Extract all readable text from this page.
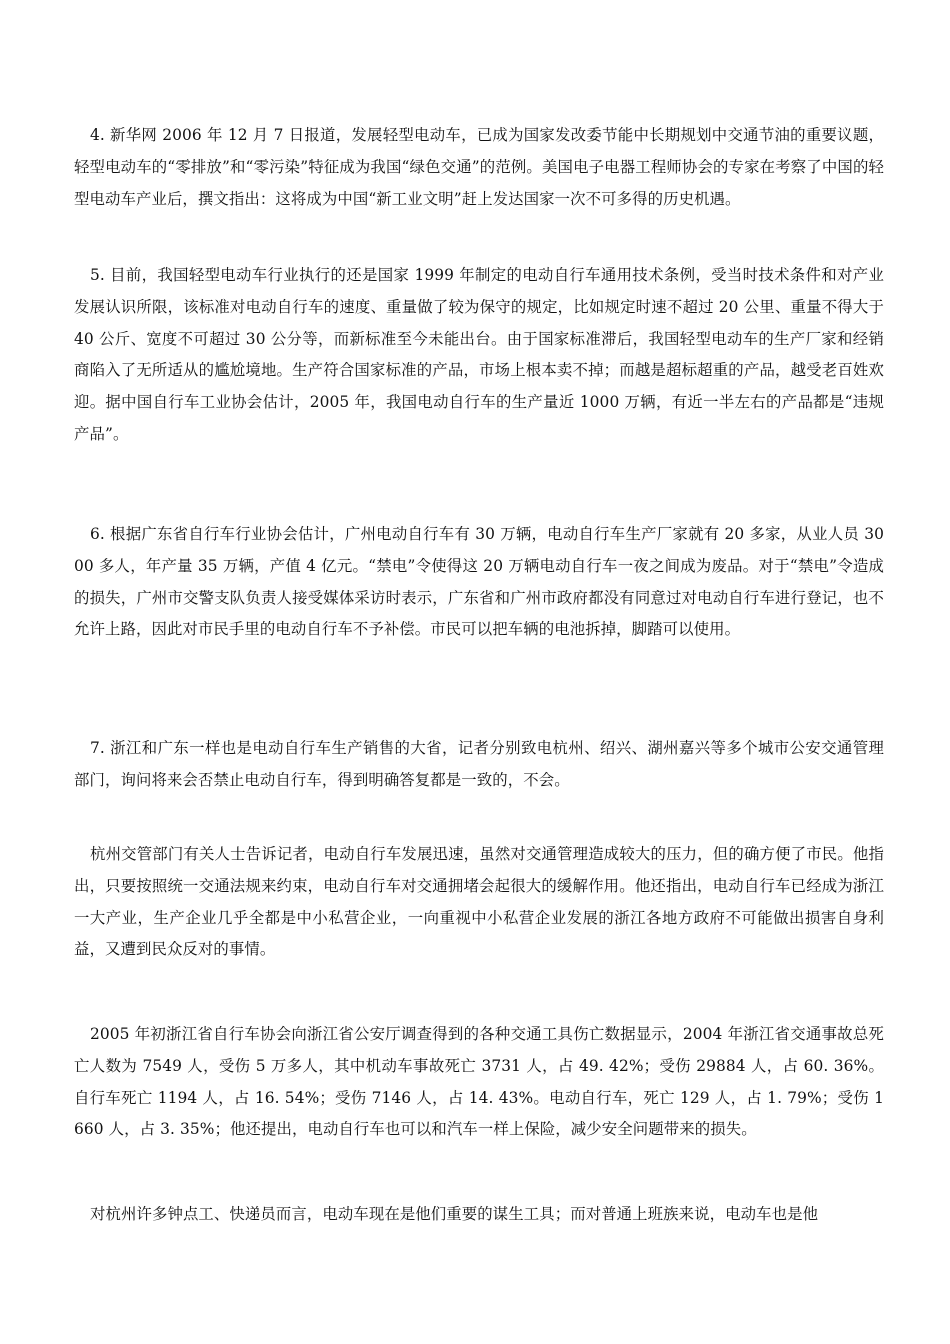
4. 新华网 2006 年 12 月 7 日报道，发展轻型电动车，已成为国家发改委节能中长期规划中交通节油的重要议题，轻型电动车的“零排放”和“零污染”特征成为我国“绿色交通”的范例。美国电子电器工程师协会的专家在考察了中国的轻型电动车产业后，撰文指出：这将成为中国“新工业文明”赶上发达国家一次不可多得的历史机遇。

5. 目前，我国轻型电动车行业执行的还是国家 1999 年制定的电动自行车通用技术条例，受当时技术条件和对产业发展认识所限，该标准对电动自行车的速度、重量做了较为保守的规定，比如规定时速不超过 20 公里、重量不得大于 40 公斤、宽度不可超过 30 公分等，而新标准至今未能出台。由于国家标准滞后，我国轻型电动车的生产厂家和经销商陷入了无所适从的尴尬境地。生产符合国家标准的产品，市场上根本卖不掉；而越是超标超重的产品，越受老百姓欢迎。据中国自行车工业协会估计，2005 年，我国电动自行车的生产量近 1000 万辆，有近一半左右的产品都是“违规产品”。

6. 根据广东省自行车行业协会估计，广州电动自行车有 30 万辆，电动自行车生产厂家就有 20 多家，从业人员 3000 多人，年产量 35 万辆，产值 4 亿元。“禁电”令使得这 20 万辆电动自行车一夜之间成为废品。对于“禁电”令造成的损失，广州市交警支队负责人接受媒体采访时表示，广东省和广州市政府都没有同意过对电动自行车进行登记，也不允许上路，因此对市民手里的电动自行车不予补偿。市民可以把车辆的电池拆掉，脚踏可以使用。

7. 浙江和广东一样也是电动自行车生产销售的大省，记者分别致电杭州、绍兴、湖州嘉兴等多个城市公安交通管理部门，询问将来会否禁止电动自行车，得到明确答复都是一致的，不会。

杭州交管部门有关人士告诉记者，电动自行车发展迅速，虽然对交通管理造成较大的压力，但的确方便了市民。他指出，只要按照统一交通法规来约束，电动自行车对交通拥堵会起很大的缓解作用。他还指出，电动自行车已经成为浙江一大产业，生产企业几乎全都是中小私营企业，一向重视中小私营企业发展的浙江各地方政府不可能做出损害自身利益，又遭到民众反对的事情。

2005 年初浙江省自行车协会向浙江省公安厅调查得到的各种交通工具伤亡数据显示，2004 年浙江省交通事故总死亡人数为 7549 人，受伤 5 万多人，其中机动车事故死亡 3731 人，占 49. 42%；受伤 29884 人，占 60. 36%。自行车死亡 1194 人，占 16. 54%；受伤 7146 人，占 14. 43%。电动自行车，死亡 129 人，占 1. 79%；受伤 1660 人，占 3. 35%；他还提出，电动自行车也可以和汽车一样上保险，减少安全问题带来的损失。

对杭州许多钟点工、快递员而言，电动车现在是他们重要的谋生工具；而对普通上班族来说，电动车也是他
